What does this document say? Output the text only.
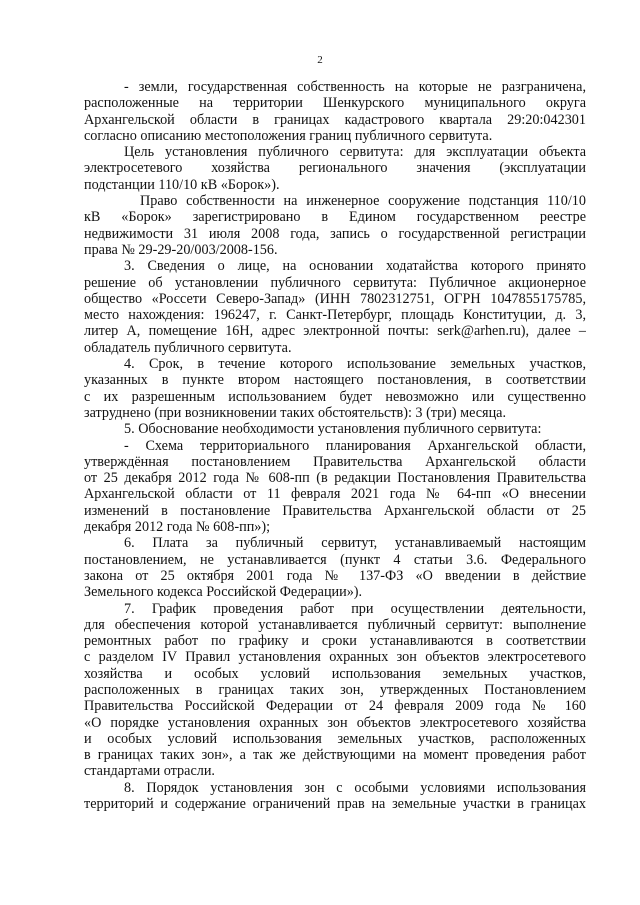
2
- земли, государственная собственность на которые не разграничена,
расположенные на территории Шенкурского муниципального округа
Архангельской области в границах кадастрового квартала 29:20:042301
согласно описанию местоположения границ публичного сервитута.
Цель установления публичного сервитута: для эксплуатации объекта
электросетевого хозяйства регионального значения (эксплуатации
подстанции 110/10 кВ «Борок»).
Право собственности на инженерное сооружение подстанция 110/10
кВ «Борок» зарегистрировано в Едином государственном реестре
недвижимости 31 июля 2008 года, запись о государственной регистрации
права № 29-29-20/003/2008-156.
3. Сведения о лице, на основании ходатайства которого принято
решение об установлении публичного сервитута: Публичное акционерное
общество «Россети Северо-Запад» (ИНН 7802312751, ОГРН 1047855175785,
место нахождения: 196247, г. Санкт-Петербург, площадь Конституции, д. 3,
литер А, помещение 16Н, адрес электронной почты: serk@arhen.ru), далее –
обладатель публичного сервитута.
4. Срок, в течение которого использование земельных участков,
указанных в пункте втором настоящего постановления, в соответствии
с их разрешенным использованием будет невозможно или существенно
затруднено (при возникновении таких обстоятельств): 3 (три) месяца.
5. Обоснование необходимости установления публичного сервитута:
- Схема территориального планирования Архангельской области,
утверждённая постановлением Правительства Архангельской области
от 25 декабря 2012 года № 608-пп (в редакции Постановления Правительства
Архангельской области от 11 февраля 2021 года № 64-пп «О внесении
изменений в постановление Правительства Архангельской области от 25
декабря 2012 года № 608-пп»);
6. Плата за публичный сервитут, устанавливаемый настоящим
постановлением, не устанавливается (пункт 4 статьи 3.6. Федерального
закона от 25 октября 2001 года № 137-ФЗ «О введении в действие
Земельного кодекса Российской Федерации»).
7. График проведения работ при осуществлении деятельности,
для обеспечения которой устанавливается публичный сервитут: выполнение
ремонтных работ по графику и сроки устанавливаются в соответствии
с разделом IV Правил установления охранных зон объектов электросетевого
хозяйства и особых условий использования земельных участков,
расположенных в границах таких зон, утвержденных Постановлением
Правительства Российской Федерации от 24 февраля 2009 года № 160
«О порядке установления охранных зон объектов электросетевого хозяйства
и особых условий использования земельных участков, расположенных
в границах таких зон», а так же действующими на момент проведения работ
стандартами отрасли.
8. Порядок установления зон с особыми условиями использования
территорий и содержание ограничений прав на земельные участки в границах
